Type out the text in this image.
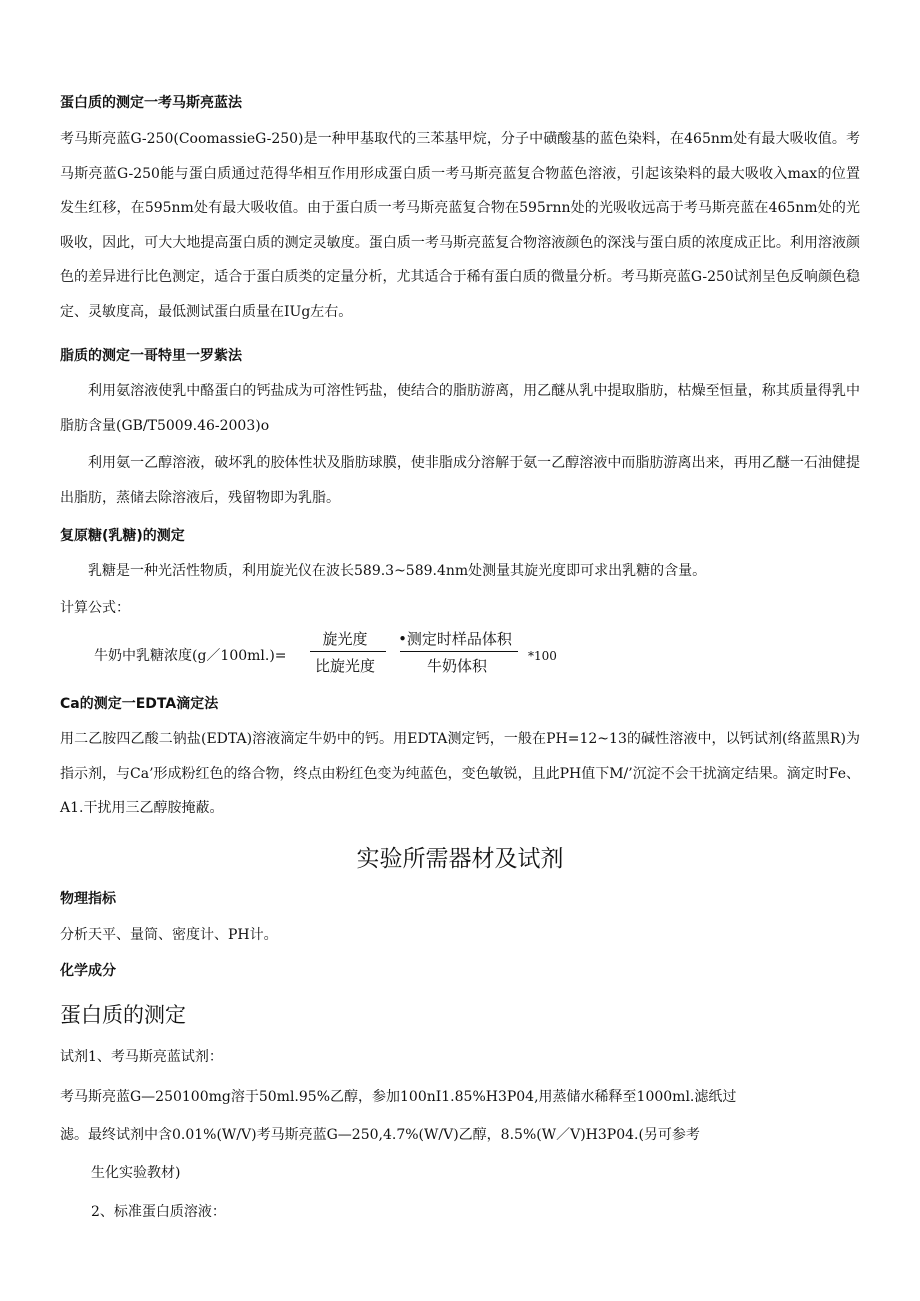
蛋白质的测定一考马斯亮蓝法
考马斯亮蓝G-250(CoomassieG-250)是一种甲基取代的三苯基甲烷，分子中磺酸基的蓝色染料，在465nm处有最大吸收值。考马斯亮蓝G-250能与蛋白质通过范得华相互作用形成蛋白质一考马斯亮蓝复合物蓝色溶液，引起该染料的最大吸收入max的位置发生红移，在595nm处有最大吸收值。由于蛋白质一考马斯亮蓝复合物在595rnn处的光吸收远高于考马斯亮蓝在465nm处的光吸收，因此，可大大地提高蛋白质的测定灵敏度。蛋白质一考马斯亮蓝复合物溶液颜色的深浅与蛋白质的浓度成正比。利用溶液颜色的差异进行比色测定，适合于蛋白质类的定量分析，尤其适合于稀有蛋白质的微量分析。考马斯亮蓝G-250试剂呈色反响颜色稳定、灵敏度高，最低测试蛋白质量在IUg左右。
脂质的测定一哥特里一罗紫法
利用氨溶液使乳中酪蛋白的钙盐成为可溶性钙盐，使结合的脂肪游离，用乙醚从乳中提取脂肪，枯燥至恒量，称其质量得乳中脂肪含量(GB/T5009.46-2003)o
利用氨一乙醇溶液，破坏乳的胶体性状及脂肪球膜，使非脂成分溶解于氨一乙醇溶液中而脂肪游离出来，再用乙醚一石油健提出脂肪，蒸储去除溶液后，残留物即为乳脂。
复原糖(乳糖)的测定
乳糖是一种光活性物质，利用旋光仪在波长589.3~589.4nm处测量其旋光度即可求出乳糖的含量。
计算公式：
牛奶中乳糖浓度(g／100ml.)=
旋光度
比旋光度
•测定时样品体积
牛奶体积
*100
Ca的测定一EDTA滴定法
用二乙胺四乙酸二钠盐(EDTA)溶液滴定牛奶中的钙。用EDTA测定钙，一般在PH=12~13的碱性溶液中，以钙试剂(络蓝黑R)为指示剂，与Ca’形成粉红色的络合物，终点由粉红色变为纯蓝色，变色敏锐，且此PH值下M/’沉淀不会干扰滴定结果。滴定时Fe、A1.干扰用三乙醇胺掩蔽。
实验所需器材及试剂
物理指标
分析天平、量筒、密度计、PH计。
化学成分
蛋白质的测定
试剂1、考马斯亮蓝试剂：
考马斯亮蓝G—250100mg溶于50ml.95%乙醇，参加100nI1.85%H3P04,用蒸储水稀释至1000ml.滤纸过
滤。最终试剂中含0.01%(W/V)考马斯亮蓝G—250,4.7%(W/V)乙醇，8.5%(W／V)H3P04.(另可参考
生化实验教材)
2、标准蛋白质溶液：
